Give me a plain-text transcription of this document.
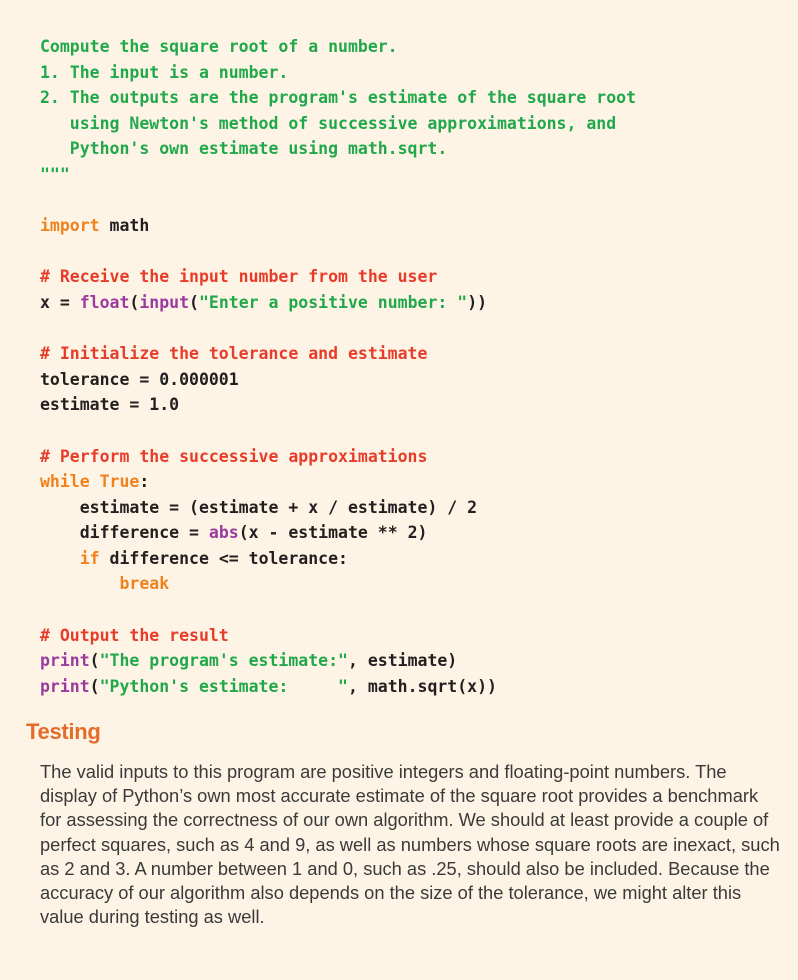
Compute the square root of a number.
1. The input is a number.
2. The outputs are the program's estimate of the square root
using Newton's method of successive approximations, and
Python's own estimate using math.sqrt.
"""
import math
# Receive the input number from the user
x = float(input("Enter a positive number: "))
# Initialize the tolerance and estimate
tolerance = 0.000001
estimate = 1.0
# Perform the successive approximations
while True:
estimate = (estimate + x / estimate) / 2
difference = abs(x - estimate ** 2)
if difference <= tolerance:
break
# Output the result
print("The program's estimate:", estimate)
print("Python's estimate:     ", math.sqrt(x))
Testing
The valid inputs to this program are positive integers and floating-point numbers. The display of Python’s own most accurate estimate of the square root provides a benchmark for assessing the correctness of our own algorithm. We should at least provide a couple of perfect squares, such as 4 and 9, as well as numbers whose square roots are inexact, such as 2 and 3. A number between 1 and 0, such as .25, should also be included. Because the accuracy of our algorithm also depends on the size of the tolerance, we might alter this value during testing as well.
